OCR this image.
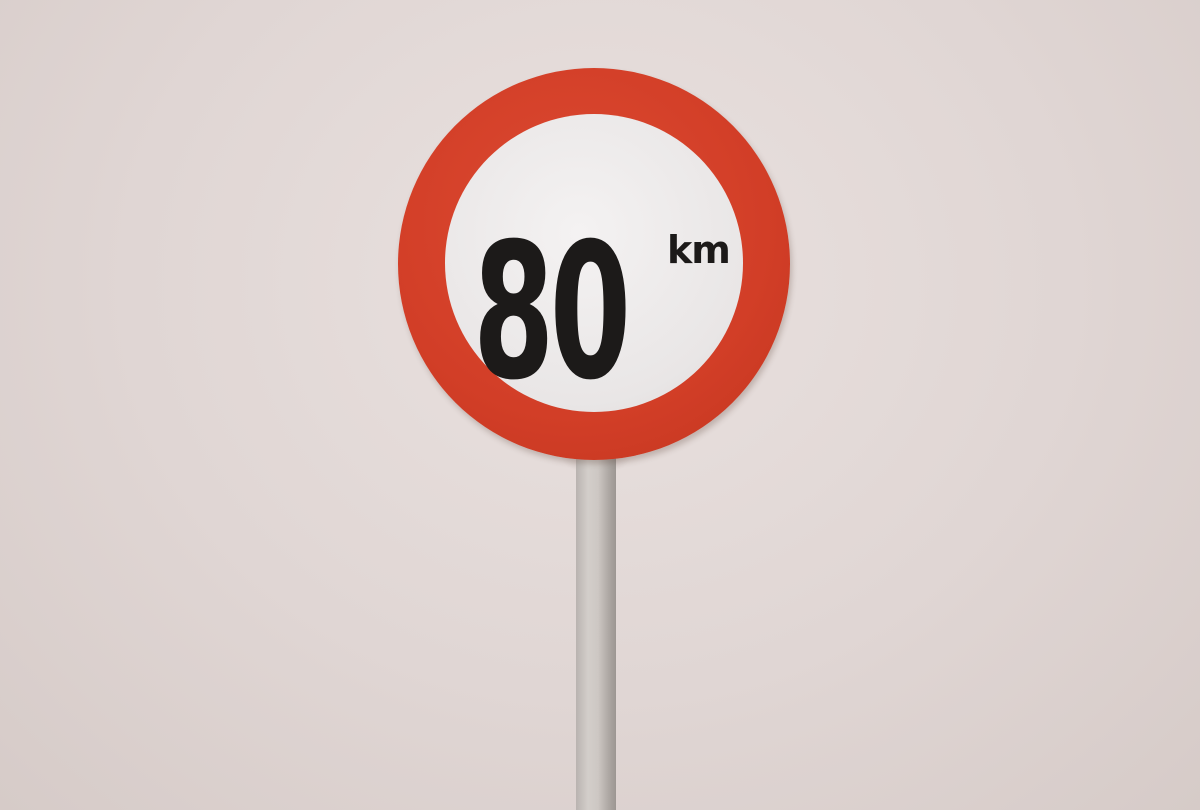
80	km
